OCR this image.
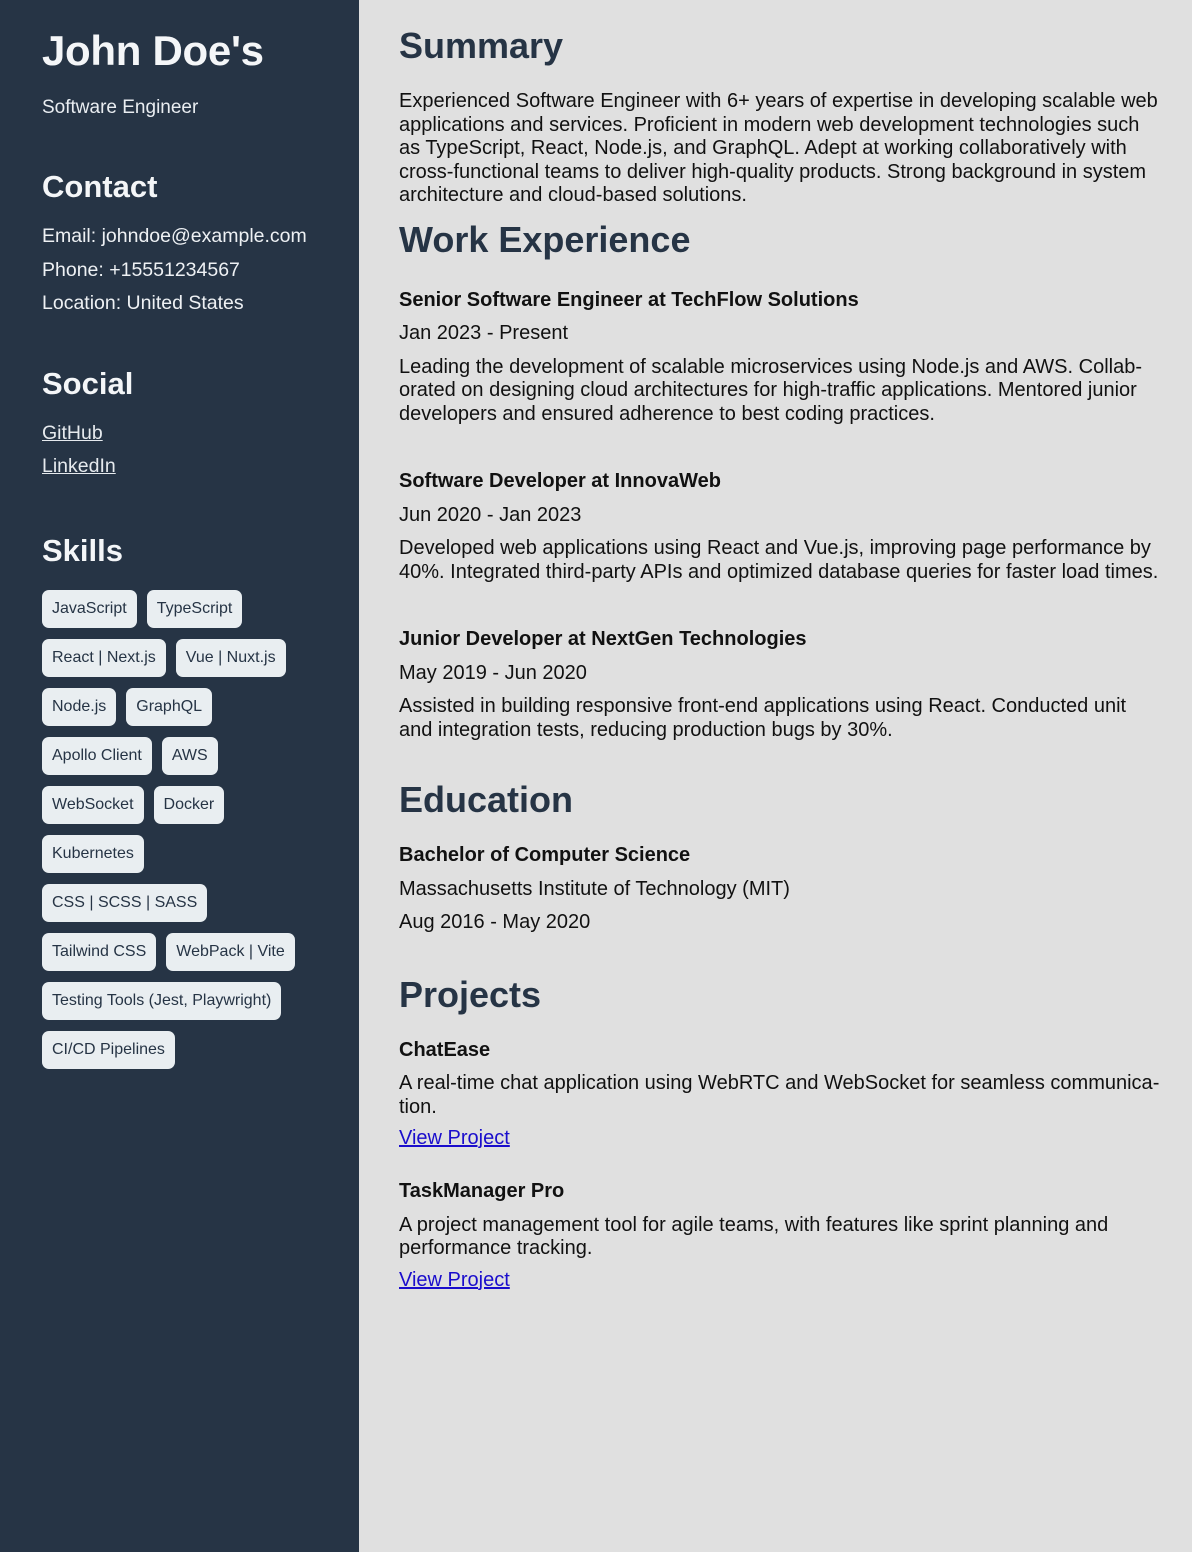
John Doe's

Software Engineer

Contact
Email: johndoe@example.com
Phone: +15551234567
Location: United States
Social
GitHub
LinkedIn
Skills
JavaScript	TypeScript
React | Next.js	Vue | Nuxt.js
Node.js	GraphQL
Apollo Client	AWS
WebSocket	Docker
Kubernetes
CSS | SCSS | SASS
Tailwind CSS	WebPack | Vite
Testing Tools (Jest, Playwright)
CI/CD Pipelines
Summary

Experienced Software Engineer with 6+ years of expertise in developing scalable web applications and services. Proficient in modern web development technologies such as TypeScript, React, Node.js, and GraphQL. Adept at working collaboratively with cross-functional teams to deliver high-quality products. Strong background in system architecture and cloud-based solutions.

Work Experience

Senior Software Engineer at TechFlow Solutions

Jan 2023 - Present

Leading the development of scalable microservices using Node.js and AWS. Collaborated on designing cloud architectures for high-traffic applications. Mentored junior developers and ensured adherence to best coding practices.

Software Developer at InnovaWeb

Jun 2020 - Jan 2023

Developed web applications using React and Vue.js, improving page performance by 40%. Integrated third-party APIs and optimized database queries for faster load times.

Junior Developer at NextGen Technologies

May 2019 - Jun 2020

Assisted in building responsive front-end applications using React. Conducted unit and integration tests, reducing production bugs by 30%.

Education

Bachelor of Computer Science

Massachusetts Institute of Technology (MIT)

Aug 2016 - May 2020

Projects

ChatEase

A real-time chat application using WebRTC and WebSocket for seamless communication.

View Project

TaskManager Pro

A project management tool for agile teams, with features like sprint planning and performance tracking.

View Project
